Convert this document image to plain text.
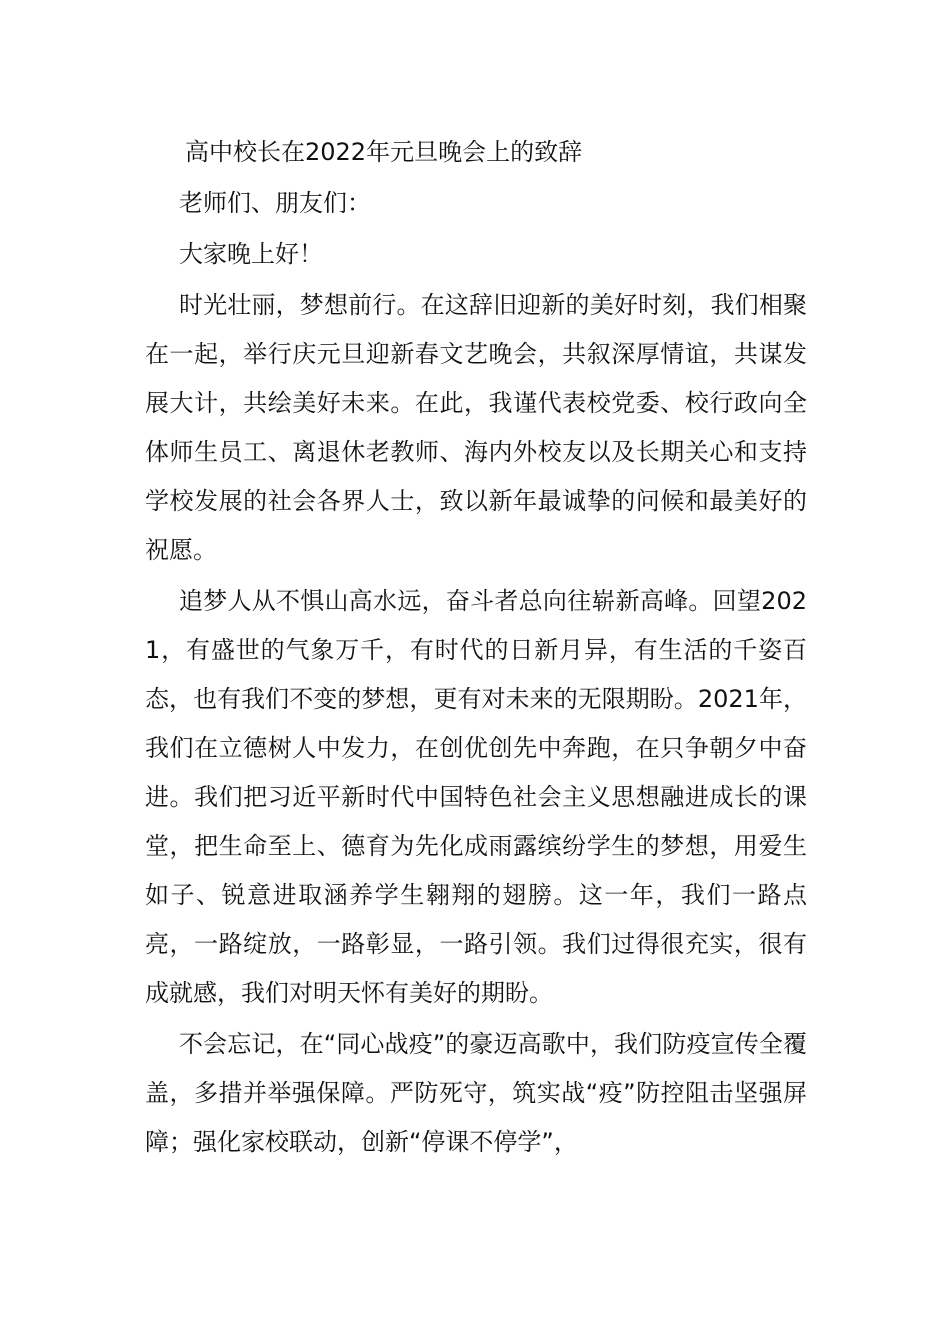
高中校长在2022年元旦晚会上的致辞

老师们、朋友们：

大家晚上好！

时光壮丽，梦想前行。在这辞旧迎新的美好时刻，我们相聚在一起，举行庆元旦迎新春文艺晚会，共叙深厚情谊，共谋发展大计，共绘美好未来。在此，我谨代表校党委、校行政向全体师生员工、离退休老教师、海内外校友以及长期关心和支持学校发展的社会各界人士，致以新年最诚挚的问候和最美好的祝愿。

追梦人从不惧山高水远，奋斗者总向往崭新高峰。回望2021，有盛世的气象万千，有时代的日新月异，有生活的千姿百态，也有我们不变的梦想，更有对未来的无限期盼。2021年，我们在立德树人中发力，在创优创先中奔跑，在只争朝夕中奋进。我们把习近平新时代中国特色社会主义思想融进成长的课堂，把生命至上、德育为先化成雨露缤纷学生的梦想，用爱生如子、锐意进取涵养学生翱翔的翅膀。这一年，我们一路点亮，一路绽放，一路彰显，一路引领。我们过得很充实，很有成就感，我们对明天怀有美好的期盼。

不会忘记，在“同心战疫”的豪迈高歌中，我们防疫宣传全覆盖，多措并举强保障。严防死守，筑实战“疫”防控阻击坚强屏障；强化家校联动，创新“停课不停学”，
